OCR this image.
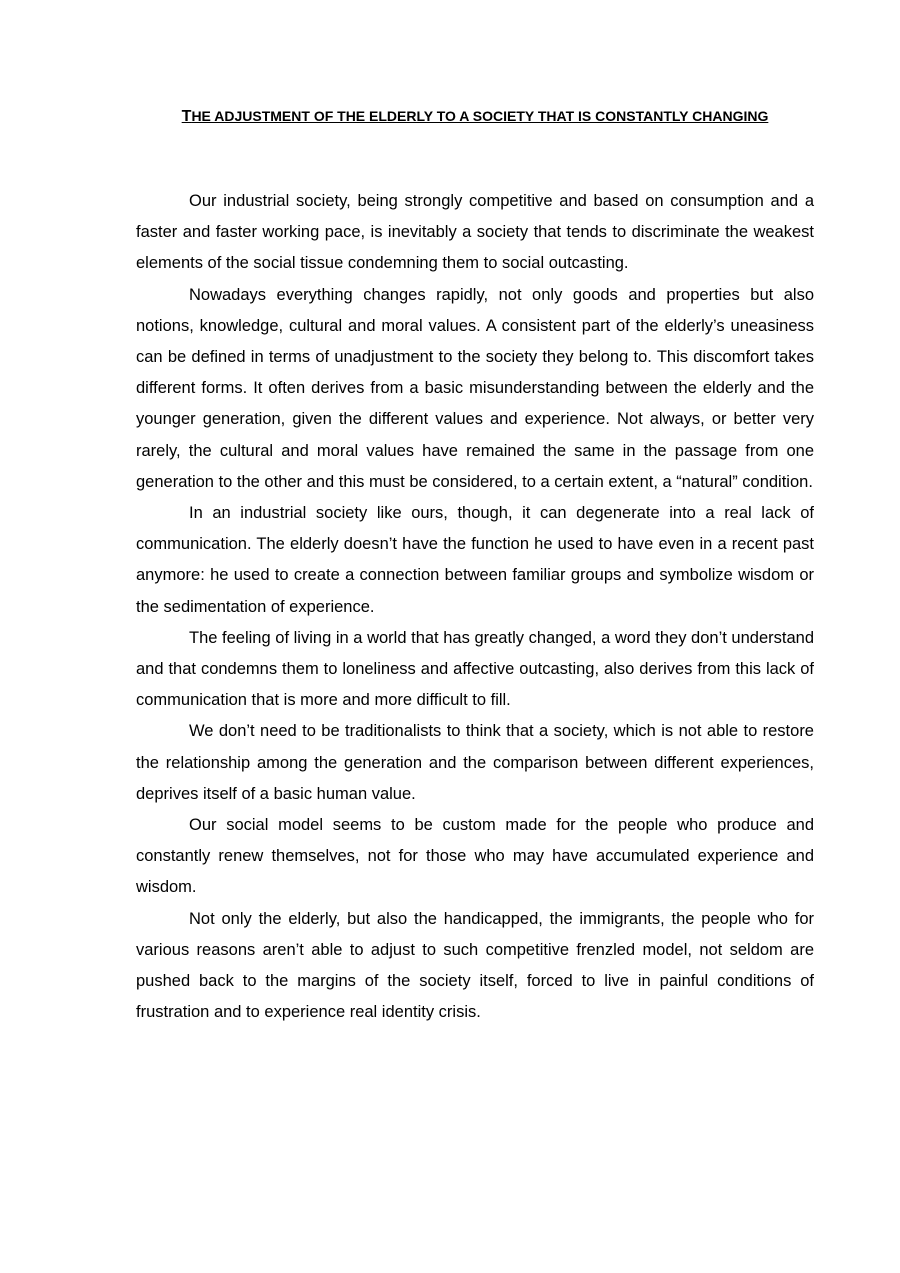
THE ADJUSTMENT OF THE ELDERLY TO A SOCIETY THAT IS CONSTANTLY CHANGING

Our industrial society, being strongly competitive and based on consumption and a faster and faster working pace, is inevitably a society that tends to discriminate the weakest elements of the social tissue condemning them to social outcasting.

Nowadays everything changes rapidly, not only goods and properties but also notions, knowledge, cultural and moral values. A consistent part of the elderly’s uneasiness can be defined in terms of unadjustment to the society they belong to. This discomfort takes different forms. It often derives from a basic misunderstanding between the elderly and the younger generation, given the different values and experience. Not always, or better very rarely, the cultural and moral values have remained the same in the passage from one generation to the other and this must be considered, to a certain extent, a “natural” condition.

In an industrial society like ours, though, it can degenerate into a real lack of communication. The elderly doesn’t have the function he used to have even in a recent past anymore: he used to create a connection between familiar groups and symbolize wisdom or the sedimentation of experience.

The feeling of living in a world that has greatly changed, a word they don’t understand and that condemns them to loneliness and affective outcasting, also derives from this lack of communication that is more and more difficult to fill.

We don’t need to be traditionalists to think that a society, which is not able to restore the relationship among the generation and the comparison between different experiences, deprives itself of a basic human value.

Our social model seems to be custom made for the people who produce and constantly renew themselves, not for those who may have accumulated experience and wisdom.

Not only the elderly, but also the handicapped, the immigrants, the people who for various reasons aren’t able to adjust to such competitive frenzled model, not seldom are pushed back to the margins of the society itself, forced to live in painful conditions of frustration and to experience real identity crisis.
